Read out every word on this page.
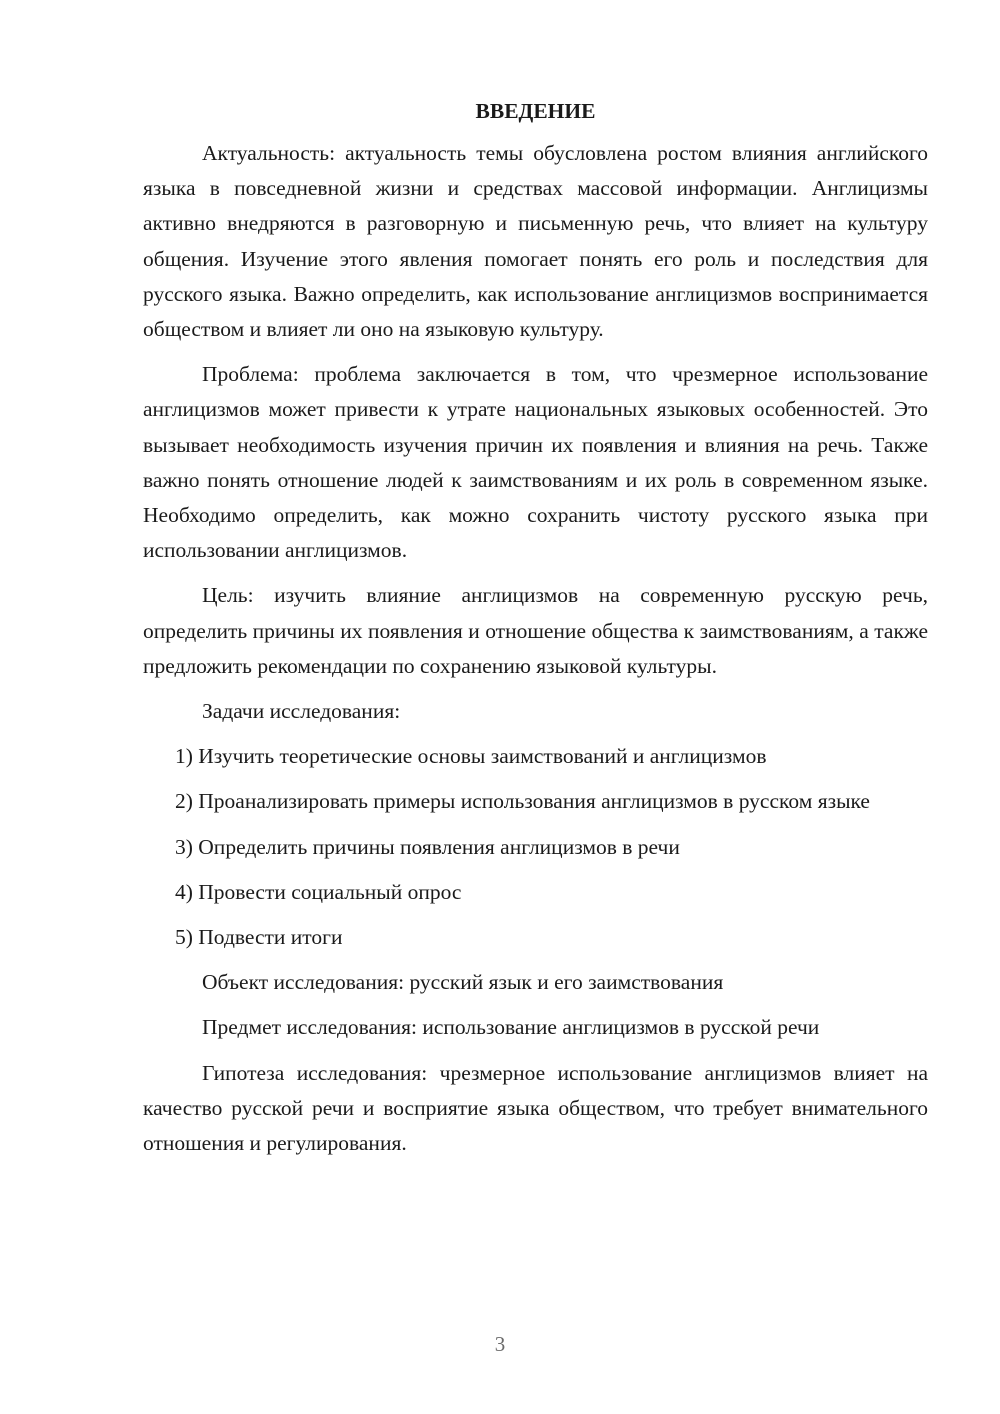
ВВЕДЕНИЕ

Актуальность: актуальность темы обусловлена ростом влияния английского языка в повседневной жизни и средствах массовой информации. Англицизмы активно внедряются в разговорную и письменную речь, что влияет на культуру общения. Изучение этого явления помогает понять его роль и последствия для русского языка. Важно определить, как использование англицизмов воспринимается обществом и влияет ли оно на языковую культуру.

Проблема: проблема заключается в том, что чрезмерное использование англицизмов может привести к утрате национальных языковых особенностей. Это вызывает необходимость изучения причин их появления и влияния на речь. Также важно понять отношение людей к заимствованиям и их роль в современном языке. Необходимо определить, как можно сохранить чистоту русского языка при использовании англицизмов.

Цель: изучить влияние англицизмов на современную русскую речь, определить причины их появления и отношение общества к заимствованиям, а также предложить рекомендации по сохранению языковой культуры.

Задачи исследования:

1) Изучить теоретические основы заимствований и англицизмов

2) Проанализировать примеры использования англицизмов в русском языке

3) Определить причины появления англицизмов в речи

4) Провести социальный опрос

5) Подвести итоги

Объект исследования: русский язык и его заимствования

Предмет исследования: использование англицизмов в русской речи

Гипотеза исследования: чрезмерное использование англицизмов влияет на качество русской речи и восприятие языка обществом, что требует внимательного отношения и регулирования.

3
